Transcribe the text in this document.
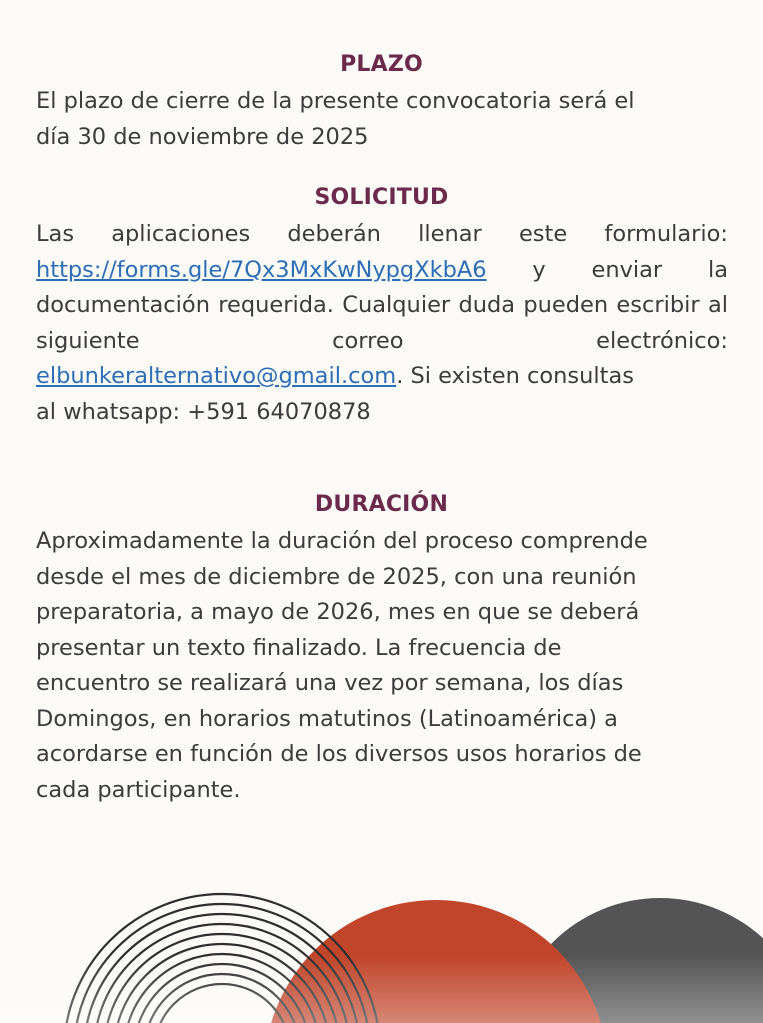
PLAZO
El plazo de cierre de la presente convocatoria será el
día 30 de noviembre de 2025
SOLICITUD
Las aplicaciones deberán llenar este formulario: https://forms.gle/7Qx3MxKwNypgXkbA6 y enviar la documentación requerida. Cualquier duda pueden escribir al siguiente correo electrónico: elbunkeralternativo@gmail.com. Si existen consultas
al whatsapp: +591 64070878
DURACIÓN
Aproximadamente la duración del proceso comprende
desde el mes de diciembre de 2025, con una reunión
preparatoria, a mayo de 2026, mes en que se deberá
presentar un texto finalizado. La frecuencia de
encuentro se realizará una vez por semana, los días
Domingos, en horarios matutinos (Latinoamérica) a
acordarse en función de los diversos usos horarios de
cada participante.
